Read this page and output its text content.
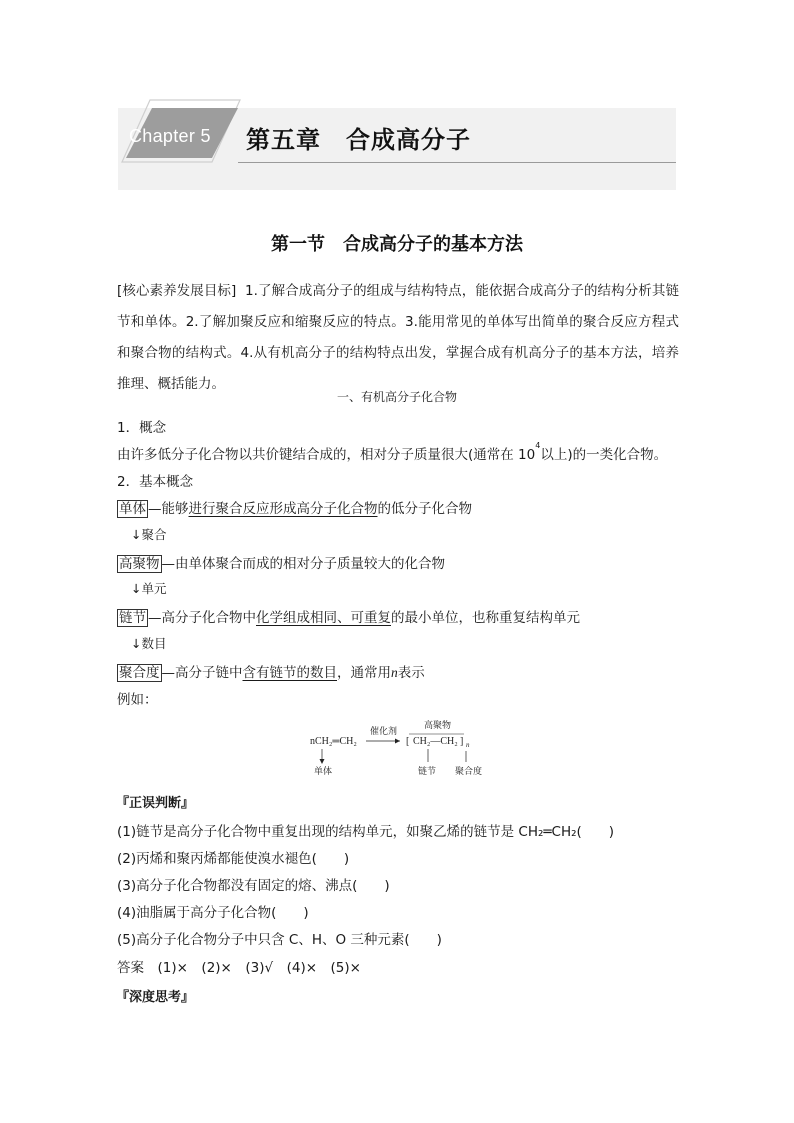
Chapter 5 第五章　合成高分子
第一节　合成高分子的基本方法
[核心素养发展目标] 1.了解合成高分子的组成与结构特点，能依据合成高分子的结构分析其链节和单体。2.了解加聚反应和缩聚反应的特点。3.能用常见的单体写出简单的聚合反应方程式和聚合物的结构式。4.从有机高分子的结构特点出发，掌握合成有机高分子的基本方法，培养推理、概括能力。
一、有机高分子化合物
1．概念
由许多低分子化合物以共价键结合成的，相对分子质量很大(通常在 $10^4$以上)的一类化合物。
2．基本概念
单体 —能够进行聚合反应形成高分子化合物的低分子化合物
↓聚合
高聚物 —由单体聚合而成的相对分子质量较大的化合物
↓单元
链节 —高分子化合物中化学组成相同、可重复的最小单位，也称重复结构单元
↓数目
聚合度 —高分子链中含有链节的数目，通常用n表示
例如：
nCH₂═CH₂
催化剂
高聚物
[ CH₂—CH₂ ] n
单体	链节 聚合度
『正误判断』
(1)链节是高分子化合物中重复出现的结构单元，如聚乙烯的链节是 CH₂═CH₂(　　)
(2)丙烯和聚丙烯都能使溴水褪色(　　)
(3)高分子化合物都没有固定的熔、沸点(　　)
(4)油脂属于高分子化合物(　　)
(5)高分子化合物分子中只含 C、H、O 三种元素(　　)
答案　(1)×　(2)×　(3)√　(4)×　(5)×
『深度思考』
